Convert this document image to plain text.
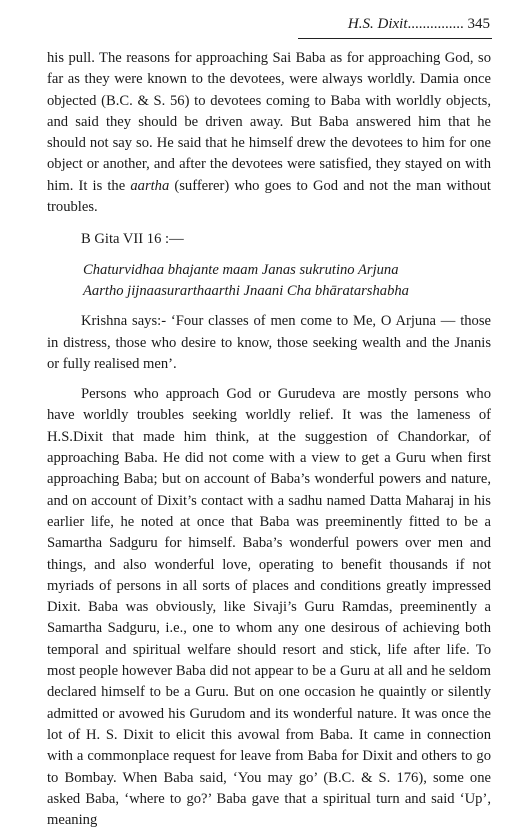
H.S. Dixit............... 345

his pull. The reasons for approaching Sai Baba as for approaching God, so far as they were known to the devotees, were always worldly. Damia once objected (B.C. & S. 56) to devotees coming to Baba with worldly objects, and said they should be driven away. But Baba answered him that he should not say so. He said that he himself drew the devotees to him for one object or another, and after the devotees were satisfied, they stayed on with him. It is the aartha (sufferer) who goes to God and not the man without troubles.

B Gita VII 16 :—

Chaturvidhaa bhajante maam Janas sukrutino Arjuna
Aartho jijnaasurarthaarthi Jnaani Cha bhāratarshabha

Krishna says:- ‘Four classes of men come to Me, O Arjuna — those in distress, those who desire to know, those seeking wealth and the Jnanis or fully realised men’.

Persons who approach God or Gurudeva are mostly persons who have worldly troubles seeking worldly relief. It was the lameness of H.S.Dixit that made him think, at the suggestion of Chandorkar, of approaching Baba. He did not come with a view to get a Guru when first approaching Baba; but on account of Baba’s wonderful powers and nature, and on account of Dixit’s contact with a sadhu named Datta Maharaj in his earlier life, he noted at once that Baba was preeminently fitted to be a Samartha Sadguru for himself. Baba’s wonderful powers over men and things, and also wonderful love, operating to benefit thousands if not myriads of persons in all sorts of places and conditions greatly impressed Dixit. Baba was obviously, like Sivaji’s Guru Ramdas, preeminently a Samartha Sadguru, i.e., one to whom any one desirous of achieving both temporal and spiritual welfare should resort and stick, life after life. To most people however Baba did not appear to be a Guru at all and he seldom declared himself to be a Guru. But on one occasion he quaintly or silently admitted or avowed his Gurudom and its wonderful nature. It was once the lot of H. S. Dixit to elicit this avowal from Baba. It came in connection with a commonplace request for leave from Baba for Dixit and others to go to Bombay. When Baba said, ‘You may go’ (B.C. & S. 176), some one asked Baba, ‘where to go?’ Baba gave that a spiritual turn and said ‘Up’, meaning
